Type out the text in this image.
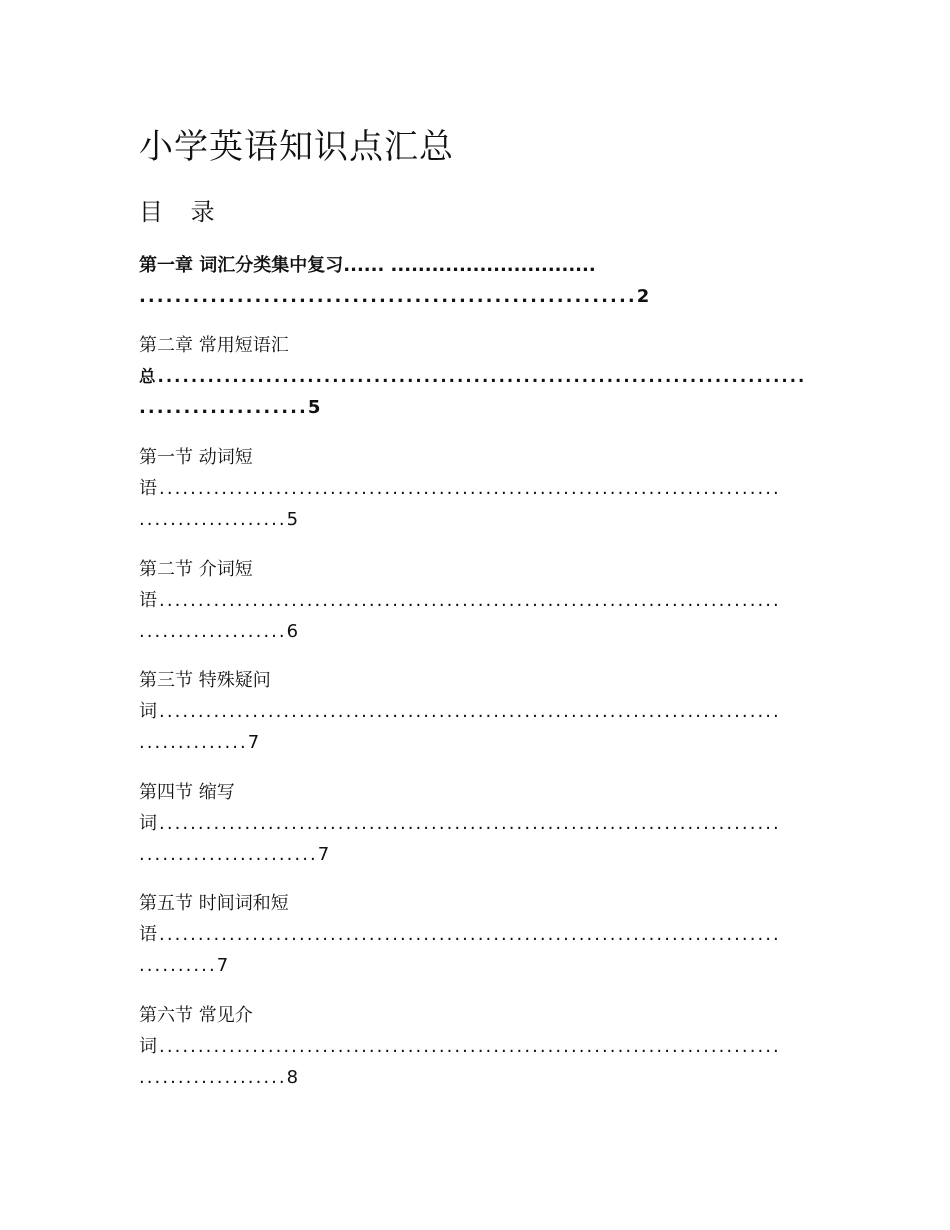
小学英语知识点汇总
目 录
第一章 词汇分类集中复习...... ..............................
........................................................2
第二章 常用短语汇
总..............................................................................
...................5
第一节 动词短
语................................................................................
...................5
第二节 介词短
语................................................................................
...................6
第三节 特殊疑问
词................................................................................
..............7
第四节 缩写
词................................................................................
.......................7
第五节 时间词和短
语................................................................................
..........7
第六节 常见介
词................................................................................
...................8
